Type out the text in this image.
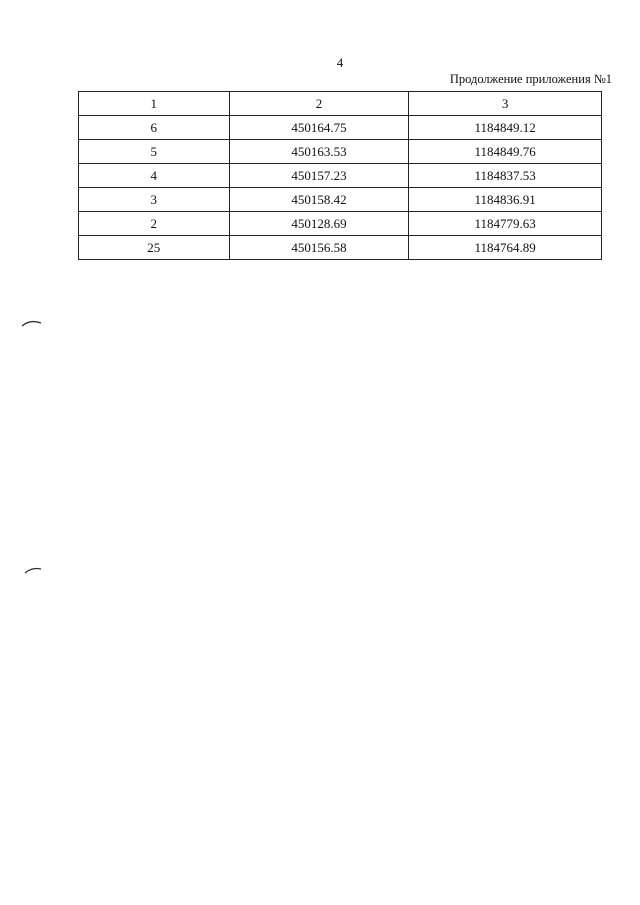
4
Продолжение приложения №1
1	2	3
6	450164.75	1184849.12
5	450163.53	1184849.76
4	450157.23	1184837.53
3	450158.42	1184836.91
2	450128.69	1184779.63
25	450156.58	1184764.89
